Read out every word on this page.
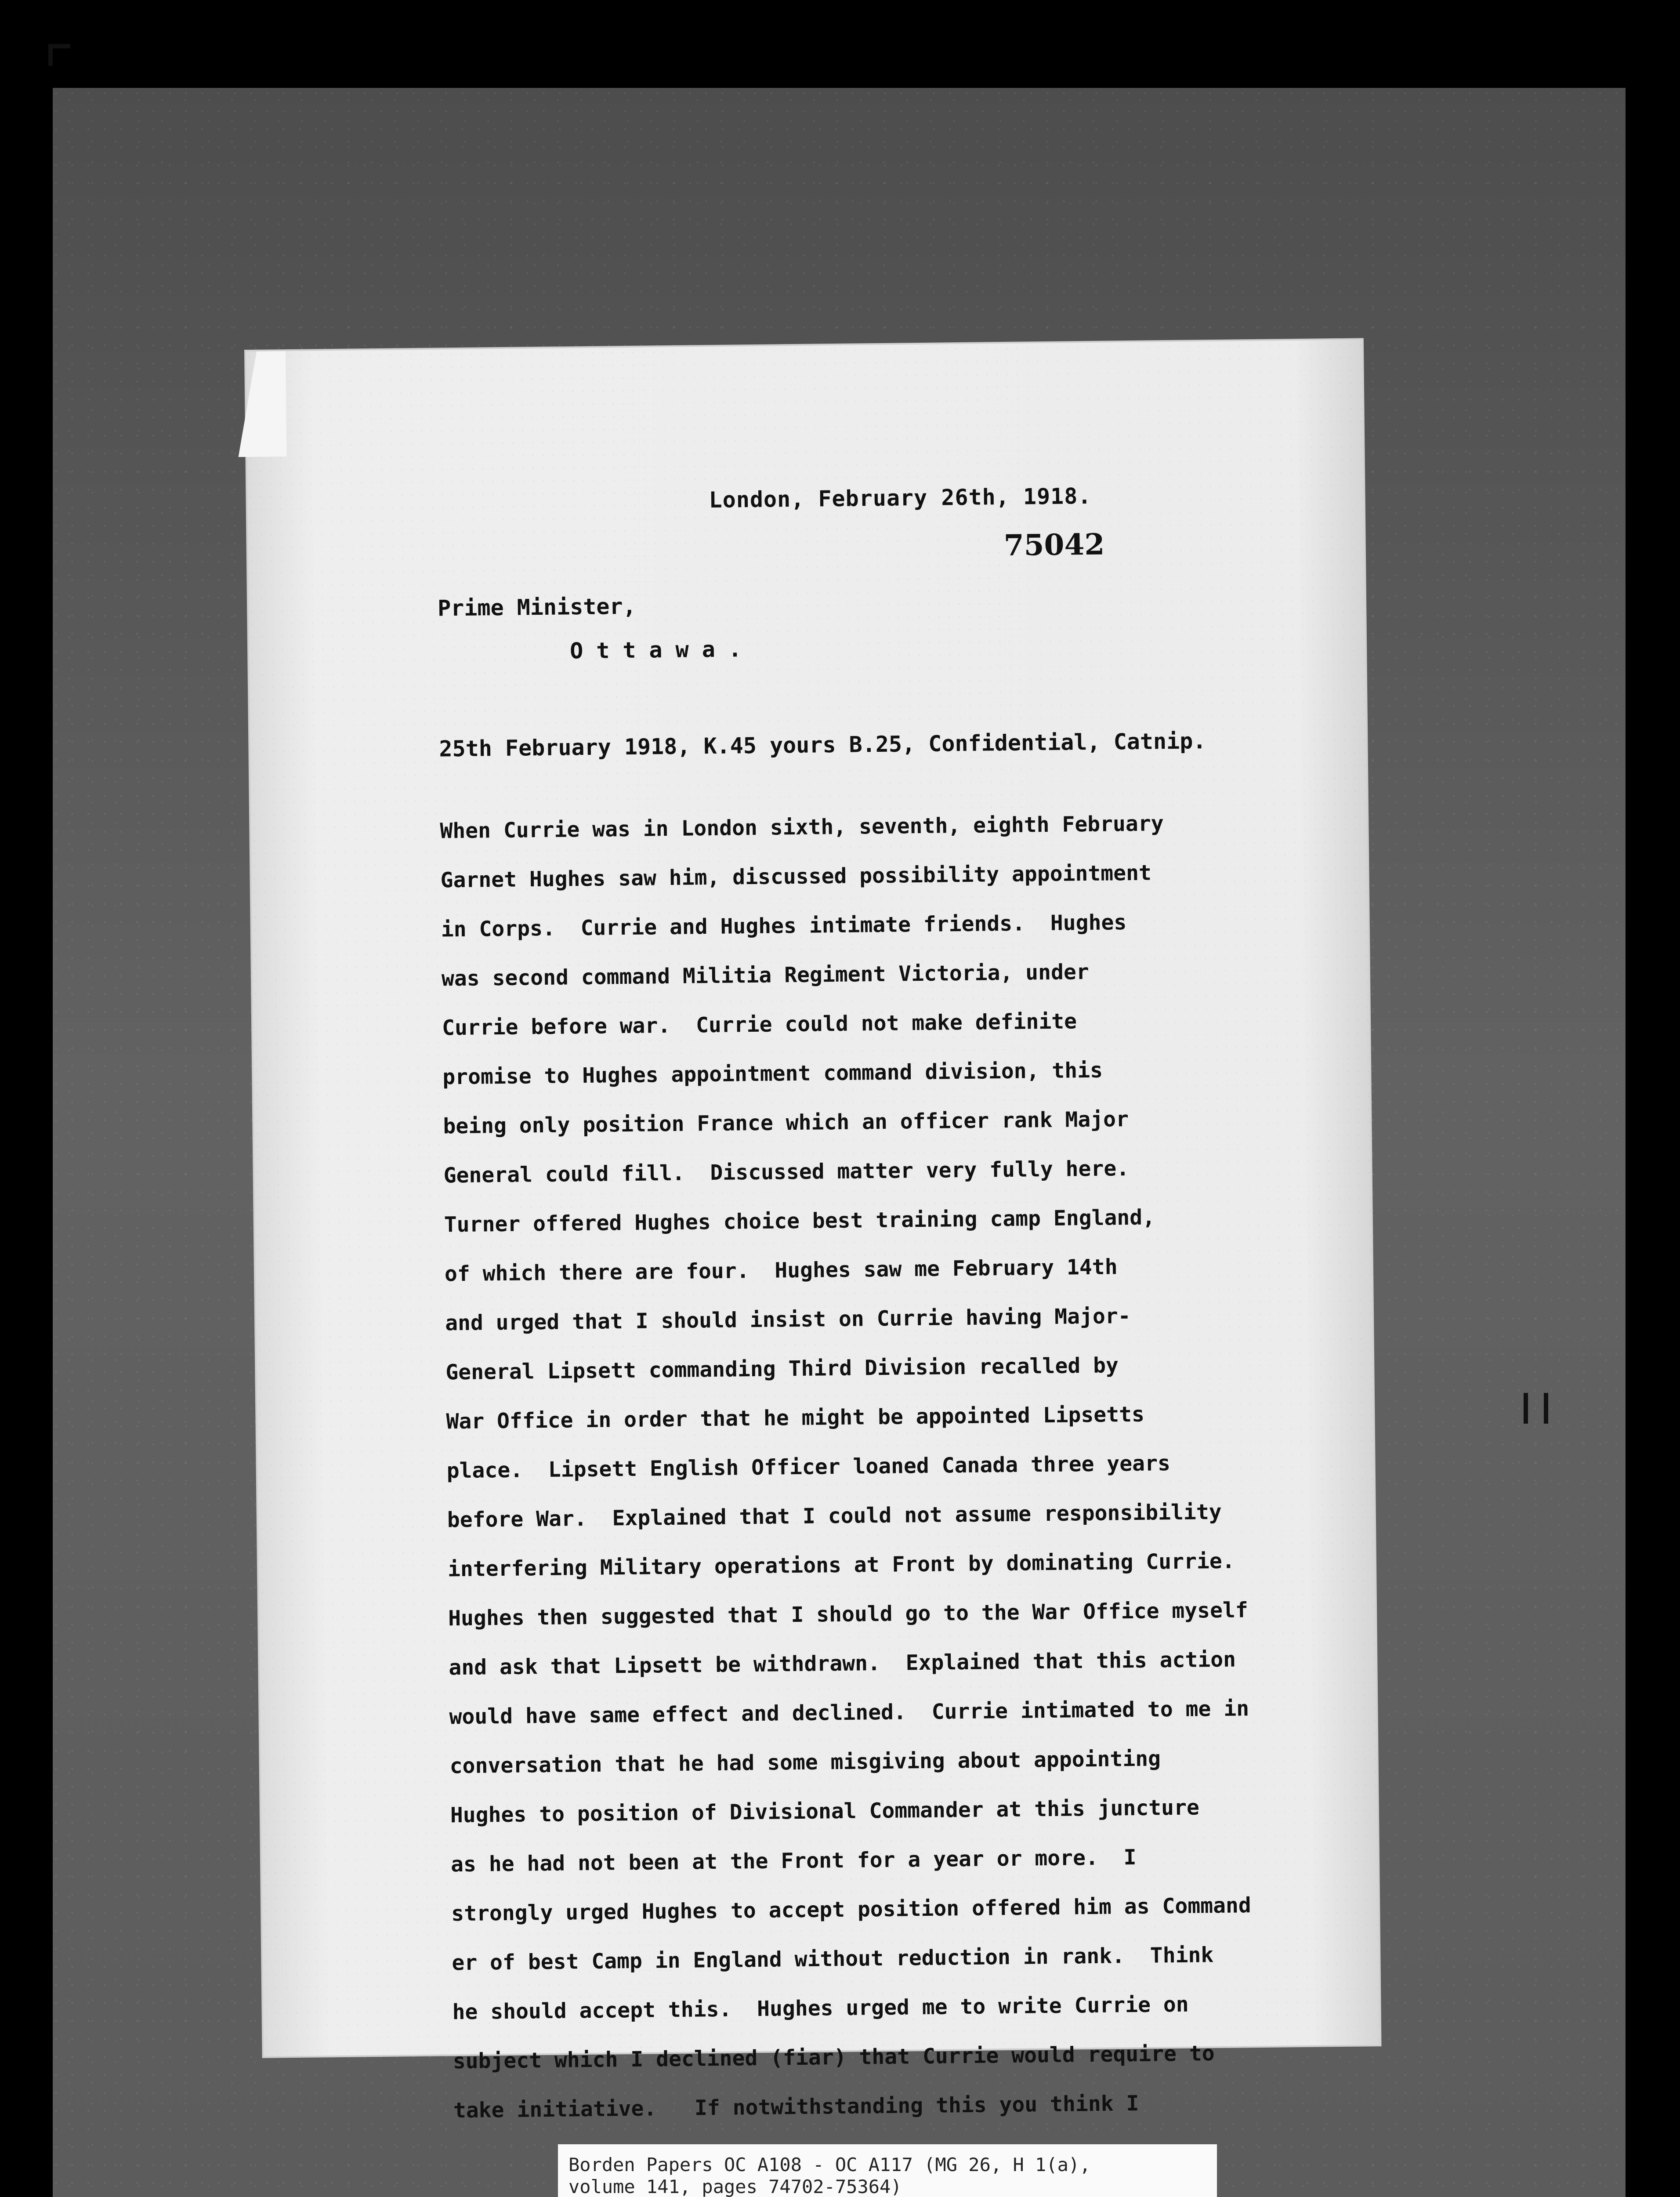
London, February 26th, 1918.
75042
Prime Minister,
Ottawa.
25th February 1918, K.45 yours B.25, Confidential, Catnip.
When Currie was in London sixth, seventh, eighth February
Garnet Hughes saw him, discussed possibility appointment
in Corps.  Currie and Hughes intimate friends.  Hughes
was second command Militia Regiment Victoria, under
Currie before war.  Currie could not make definite
promise to Hughes appointment command division, this
being only position France which an officer rank Major
General could fill.  Discussed matter very fully here.
Turner offered Hughes choice best training camp England,
of which there are four.  Hughes saw me February 14th
and urged that I should insist on Currie having Major-
General Lipsett commanding Third Division recalled by
War Office in order that he might be appointed Lipsetts
place.  Lipsett English Officer loaned Canada three years
before War.  Explained that I could not assume responsibility
interfering Military operations at Front by dominating Currie.
Hughes then suggested that I should go to the War Office myself
and ask that Lipsett be withdrawn.  Explained that this action
would have same effect and declined.  Currie intimated to me in
conversation that he had some misgiving about appointing
Hughes to position of Divisional Commander at this juncture
as he had not been at the Front for a year or more.  I
strongly urged Hughes to accept position offered him as Command
er of best Camp in England without reduction in rank.  Think
he should accept this.  Hughes urged me to write Currie on
subject which I declined (fiar) that Currie would require to
take initiative.   If notwithstanding this you think I
Borden Papers OC A108 - OC A117 (MG 26, H 1(a),
volume 141, pages 74702-75364)
